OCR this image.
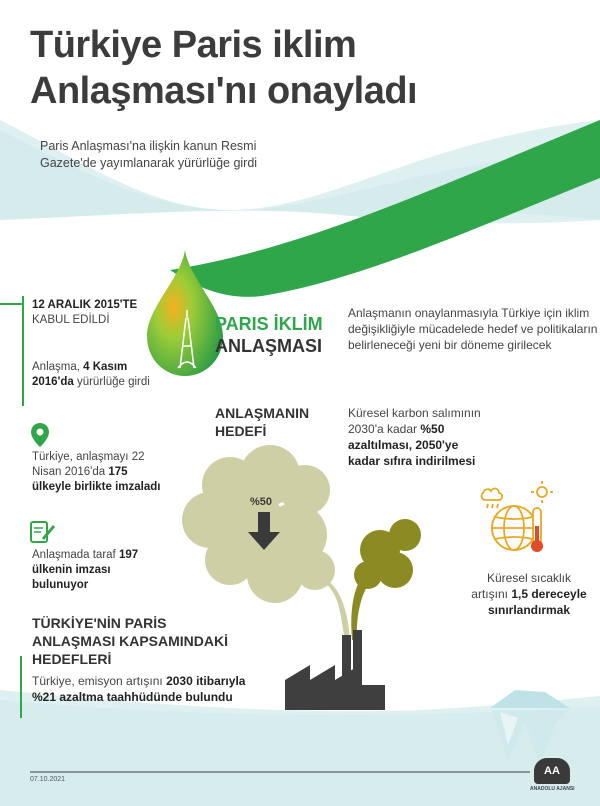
Türkiye Paris iklim
Anlaşması'nı onayladı

Paris Anlaşması'na ilişkin kanun Resmi Gazete'de yayımlanarak yürürlüğe girdi

PARIS İKLİM
ANLAŞMASI

Anlaşmanın onaylanmasıyla Türkiye için iklim değişikliğiyle mücadelede hedef ve politikaların belirleneceği yeni bir döneme girilecek

12 ARALIK 2015'TE KABUL EDİLDİ
Anlaşma, 4 Kasım 2016'da yürürlüğe girdi
Türkiye, anlaşmayı 22 Nisan 2016'da 175 ülkeyle birlikte imzaladı
Anlaşmada taraf 197 ülkenin imzası bulunuyor
ANLAŞMANIN
HEDEFİ
Küresel karbon salımının 2030'a kadar %50 azaltılması, 2050'ye kadar sıfıra indirilmesi
%50
Küresel sıcaklık artışını 1,5 dereceyle sınırlandırmak
TÜRKİYE'NİN PARİS
ANLAŞMASI KAPSAMINDAKİ
HEDEFLERİ
Türkiye, emisyon artışını 2030 itibarıyla %21 azaltma taahhüdünde bulundu
07.10.2021
AA
ANADOLU AJANSI
